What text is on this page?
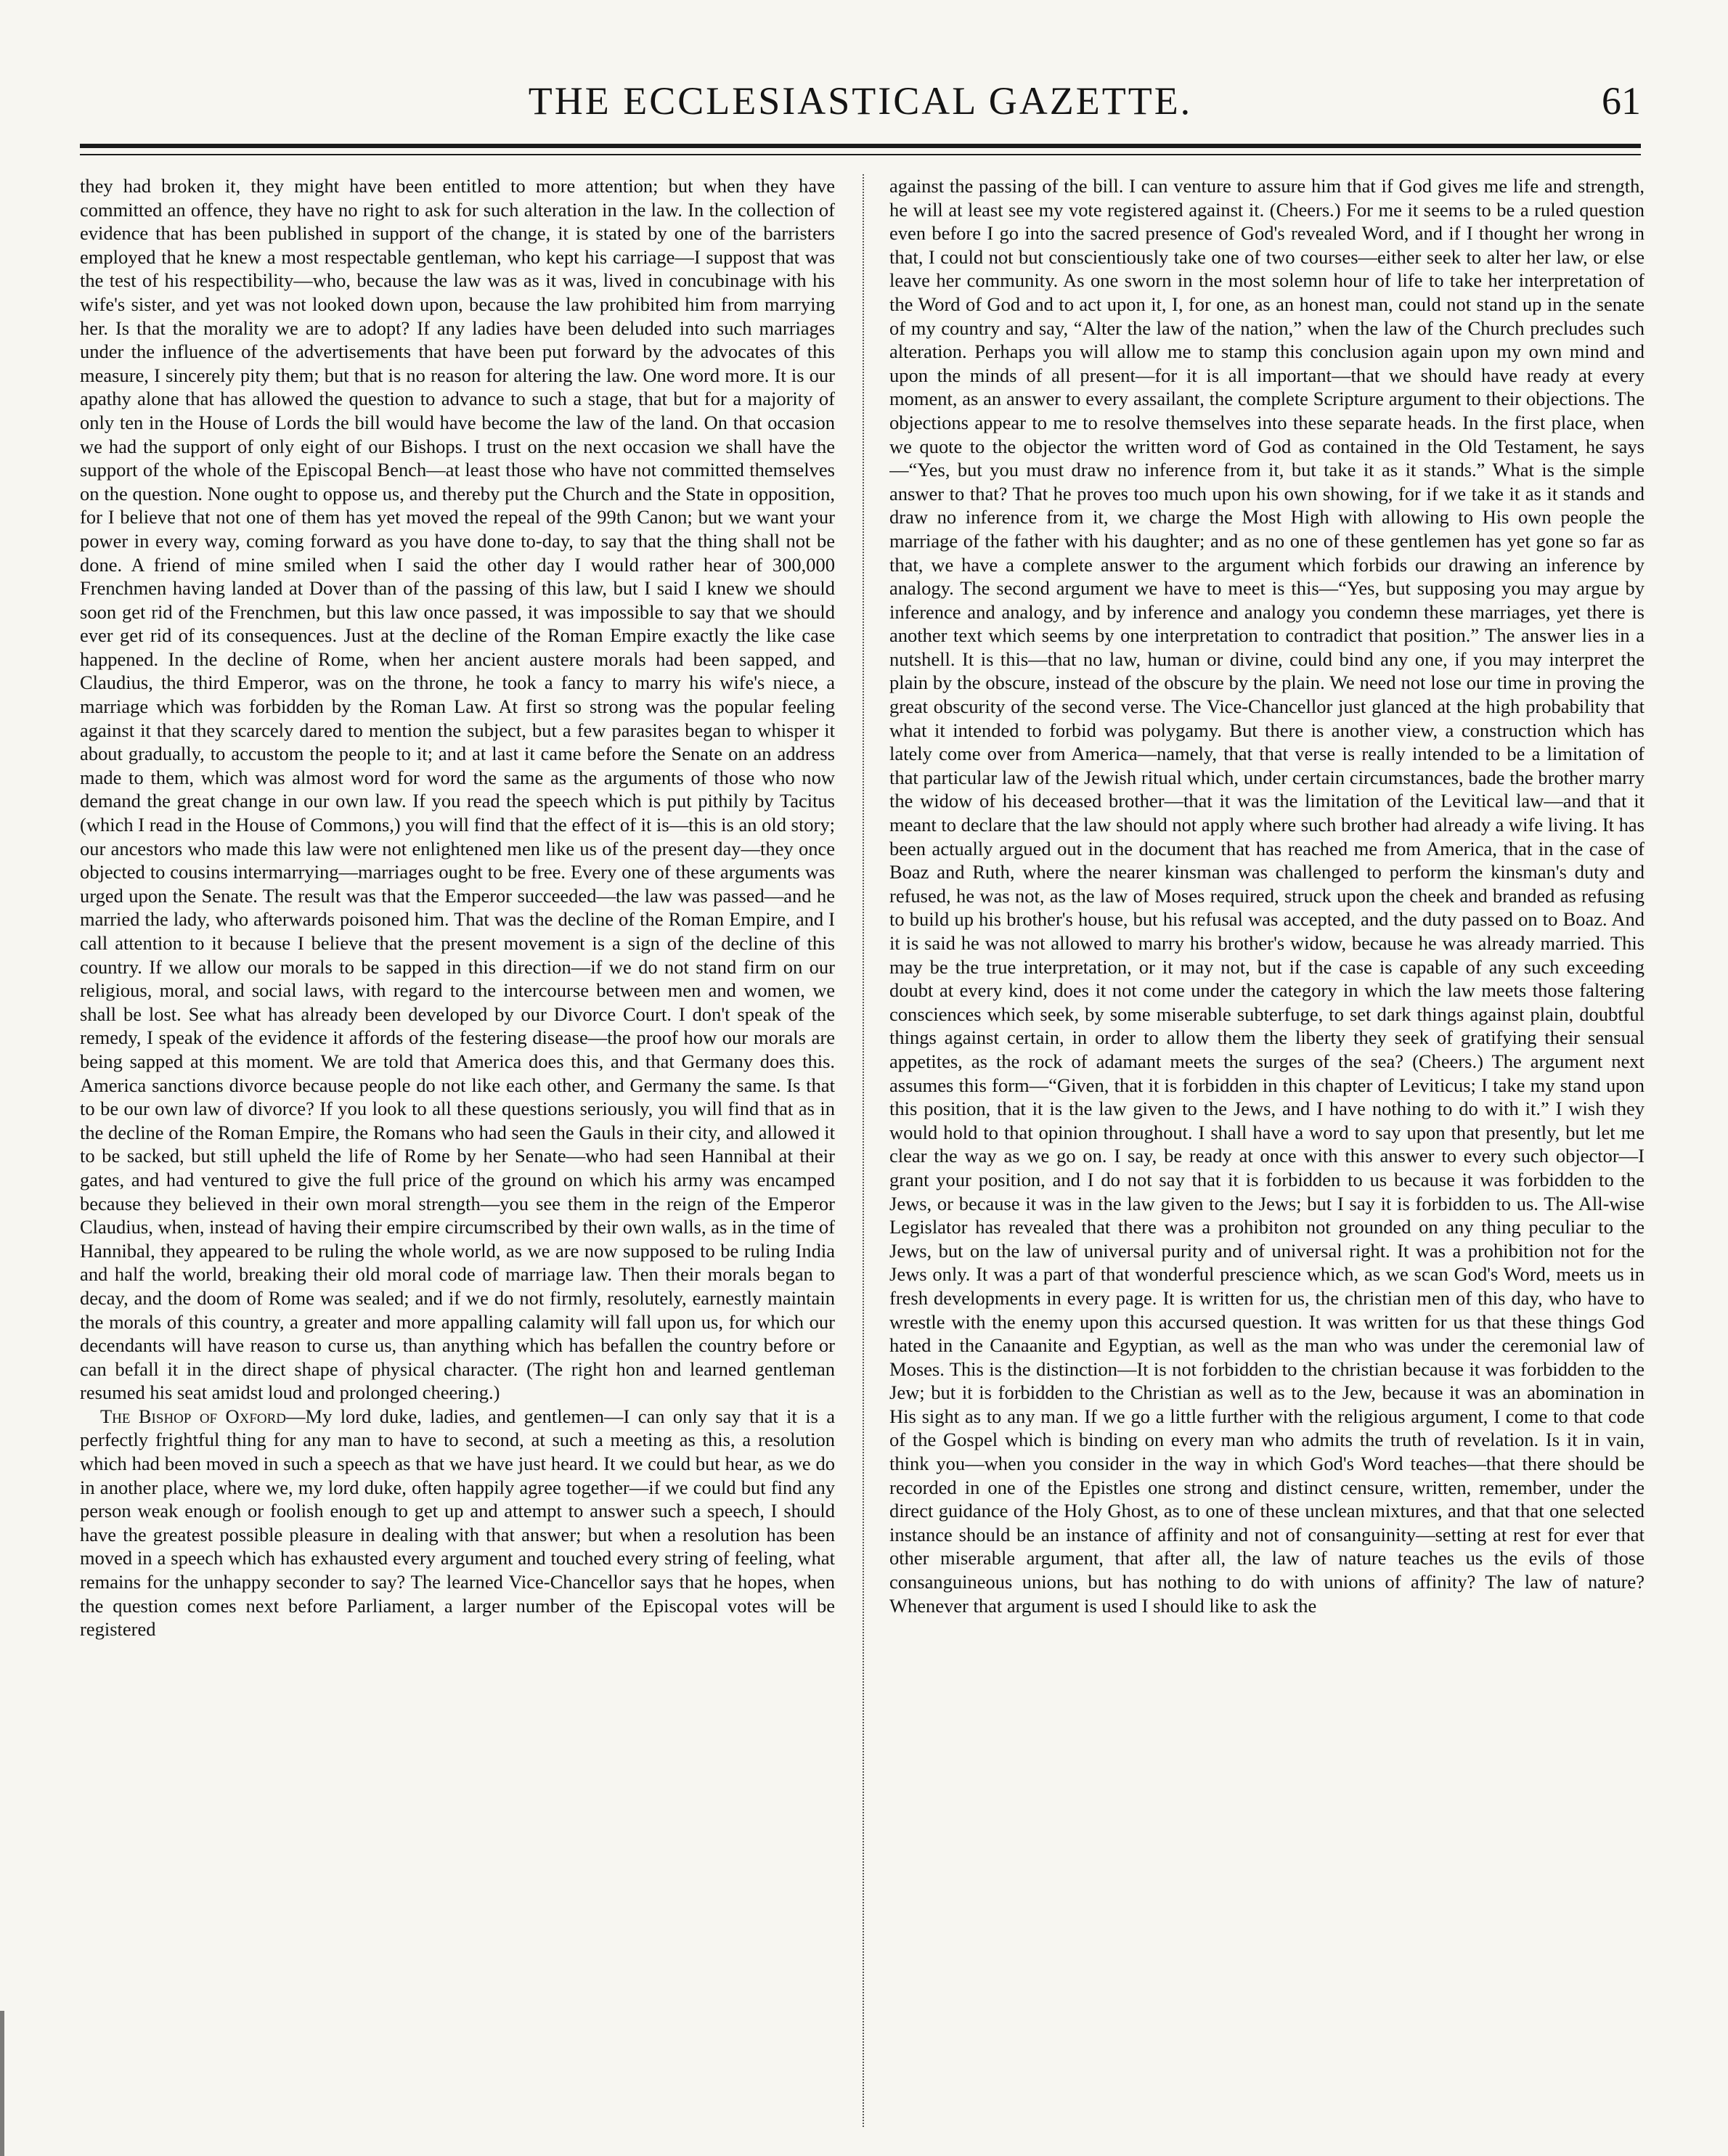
THE ECCLESIASTICAL GAZETTE.	61

they had broken it, they might have been entitled to more attention; but when they have committed an offence, they have no right to ask for such alteration in the law. In the collection of evidence that has been published in support of the change, it is stated by one of the barristers employed that he knew a most respectable gentleman, who kept his carriage—I suppost that was the test of his respectibility—who, because the law was as it was, lived in concubinage with his wife's sister, and yet was not looked down upon, because the law prohibited him from marrying her. Is that the morality we are to adopt? If any ladies have been deluded into such marriages under the influence of the advertisements that have been put forward by the advocates of this measure, I sincerely pity them; but that is no reason for altering the law. One word more. It is our apathy alone that has allowed the question to advance to such a stage, that but for a majority of only ten in the House of Lords the bill would have become the law of the land. On that occasion we had the support of only eight of our Bishops. I trust on the next occasion we shall have the support of the whole of the Episcopal Bench—at least those who have not committed themselves on the question. None ought to oppose us, and thereby put the Church and the State in opposition, for I believe that not one of them has yet moved the repeal of the 99th Canon; but we want your power in every way, coming forward as you have done to-day, to say that the thing shall not be done. A friend of mine smiled when I said the other day I would rather hear of 300,000 Frenchmen having landed at Dover than of the passing of this law, but I said I knew we should soon get rid of the Frenchmen, but this law once passed, it was impossible to say that we should ever get rid of its consequences. Just at the decline of the Roman Empire exactly the like case happened. In the decline of Rome, when her ancient austere morals had been sapped, and Claudius, the third Emperor, was on the throne, he took a fancy to marry his wife's niece, a marriage which was forbidden by the Roman Law. At first so strong was the popular feeling against it that they scarcely dared to mention the subject, but a few parasites began to whisper it about gradually, to accustom the people to it; and at last it came before the Senate on an address made to them, which was almost word for word the same as the arguments of those who now demand the great change in our own law. If you read the speech which is put pithily by Tacitus (which I read in the House of Commons,) you will find that the effect of it is—this is an old story; our ancestors who made this law were not enlightened men like us of the present day—they once objected to cousins intermarrying—marriages ought to be free. Every one of these arguments was urged upon the Senate. The result was that the Emperor succeeded—the law was passed—and he married the lady, who afterwards poisoned him. That was the decline of the Roman Empire, and I call attention to it because I believe that the present movement is a sign of the decline of this country. If we allow our morals to be sapped in this direction—if we do not stand firm on our religious, moral, and social laws, with regard to the intercourse between men and women, we shall be lost. See what has already been developed by our Divorce Court. I don't speak of the remedy, I speak of the evidence it affords of the festering disease—the proof how our morals are being sapped at this moment. We are told that America does this, and that Germany does this. America sanctions divorce because people do not like each other, and Germany the same. Is that to be our own law of divorce? If you look to all these questions seriously, you will find that as in the decline of the Roman Empire, the Romans who had seen the Gauls in their city, and allowed it to be sacked, but still upheld the life of Rome by her Senate—who had seen Hannibal at their gates, and had ventured to give the full price of the ground on which his army was encamped because they believed in their own moral strength—you see them in the reign of the Emperor Claudius, when, instead of having their empire circumscribed by their own walls, as in the time of Hannibal, they appeared to be ruling the whole world, as we are now supposed to be ruling India and half the world, breaking their old moral code of marriage law. Then their morals began to decay, and the doom of Rome was sealed; and if we do not firmly, resolutely, earnestly maintain the morals of this country, a greater and more appalling calamity will fall upon us, for which our decendants will have reason to curse us, than anything which has befallen the country before or can befall it in the direct shape of physical character. (The right hon and learned gentleman resumed his seat amidst loud and prolonged cheering.)

The Bishop of Oxford—My lord duke, ladies, and gentlemen—I can only say that it is a perfectly frightful thing for any man to have to second, at such a meeting as this, a resolution which had been moved in such a speech as that we have just heard. It we could but hear, as we do in another place, where we, my lord duke, often happily agree together—if we could but find any person weak enough or foolish enough to get up and attempt to answer such a speech, I should have the greatest possible pleasure in dealing with that answer; but when a resolution has been moved in a speech which has exhausted every argument and touched every string of feeling, what remains for the unhappy seconder to say? The learned Vice-Chancellor says that he hopes, when the question comes next before Parliament, a larger number of the Episcopal votes will be registered

against the passing of the bill. I can venture to assure him that if God gives me life and strength, he will at least see my vote registered against it. (Cheers.) For me it seems to be a ruled question even before I go into the sacred presence of God's revealed Word, and if I thought her wrong in that, I could not but conscientiously take one of two courses—either seek to alter her law, or else leave her community. As one sworn in the most solemn hour of life to take her interpretation of the Word of God and to act upon it, I, for one, as an honest man, could not stand up in the senate of my country and say, “Alter the law of the nation,” when the law of the Church precludes such alteration. Perhaps you will allow me to stamp this conclusion again upon my own mind and upon the minds of all present—for it is all important—that we should have ready at every moment, as an answer to every assailant, the complete Scripture argument to their objections. The objections appear to me to resolve themselves into these separate heads. In the first place, when we quote to the objector the written word of God as contained in the Old Testament, he says—“Yes, but you must draw no inference from it, but take it as it stands.” What is the simple answer to that? That he proves too much upon his own showing, for if we take it as it stands and draw no inference from it, we charge the Most High with allowing to His own people the marriage of the father with his daughter; and as no one of these gentlemen has yet gone so far as that, we have a complete answer to the argument which forbids our drawing an inference by analogy. The second argument we have to meet is this—“Yes, but supposing you may argue by inference and analogy, and by inference and analogy you condemn these marriages, yet there is another text which seems by one interpretation to contradict that position.” The answer lies in a nutshell. It is this—that no law, human or divine, could bind any one, if you may interpret the plain by the obscure, instead of the obscure by the plain. We need not lose our time in proving the great obscurity of the second verse. The Vice-Chancellor just glanced at the high probability that what it intended to forbid was polygamy. But there is another view, a construction which has lately come over from America—namely, that that verse is really intended to be a limitation of that particular law of the Jewish ritual which, under certain circumstances, bade the brother marry the widow of his deceased brother—that it was the limitation of the Levitical law—and that it meant to declare that the law should not apply where such brother had already a wife living. It has been actually argued out in the document that has reached me from America, that in the case of Boaz and Ruth, where the nearer kinsman was challenged to perform the kinsman's duty and refused, he was not, as the law of Moses required, struck upon the cheek and branded as refusing to build up his brother's house, but his refusal was accepted, and the duty passed on to Boaz. And it is said he was not allowed to marry his brother's widow, because he was already married. This may be the true interpretation, or it may not, but if the case is capable of any such exceeding doubt at every kind, does it not come under the category in which the law meets those faltering consciences which seek, by some miserable subterfuge, to set dark things against plain, doubtful things against certain, in order to allow them the liberty they seek of gratifying their sensual appetites, as the rock of adamant meets the surges of the sea? (Cheers.) The argument next assumes this form—“Given, that it is forbidden in this chapter of Leviticus; I take my stand upon this position, that it is the law given to the Jews, and I have nothing to do with it.” I wish they would hold to that opinion throughout. I shall have a word to say upon that presently, but let me clear the way as we go on. I say, be ready at once with this answer to every such objector—I grant your position, and I do not say that it is forbidden to us because it was forbidden to the Jews, or because it was in the law given to the Jews; but I say it is forbidden to us. The All-wise Legislator has revealed that there was a prohibiton not grounded on any thing peculiar to the Jews, but on the law of universal purity and of universal right. It was a prohibition not for the Jews only. It was a part of that wonderful prescience which, as we scan God's Word, meets us in fresh developments in every page. It is written for us, the christian men of this day, who have to wrestle with the enemy upon this accursed question. It was written for us that these things God hated in the Canaanite and Egyptian, as well as the man who was under the ceremonial law of Moses. This is the distinction—It is not forbidden to the christian because it was forbidden to the Jew; but it is forbidden to the Christian as well as to the Jew, because it was an abomination in His sight as to any man. If we go a little further with the religious argument, I come to that code of the Gospel which is binding on every man who admits the truth of revelation. Is it in vain, think you—when you consider in the way in which God's Word teaches—that there should be recorded in one of the Epistles one strong and distinct censure, written, remember, under the direct guidance of the Holy Ghost, as to one of these unclean mixtures, and that that one selected instance should be an instance of affinity and not of consanguinity—setting at rest for ever that other miserable argument, that after all, the law of nature teaches us the evils of those consanguineous unions, but has nothing to do with unions of affinity? The law of nature? Whenever that argument is used I should like to ask the
